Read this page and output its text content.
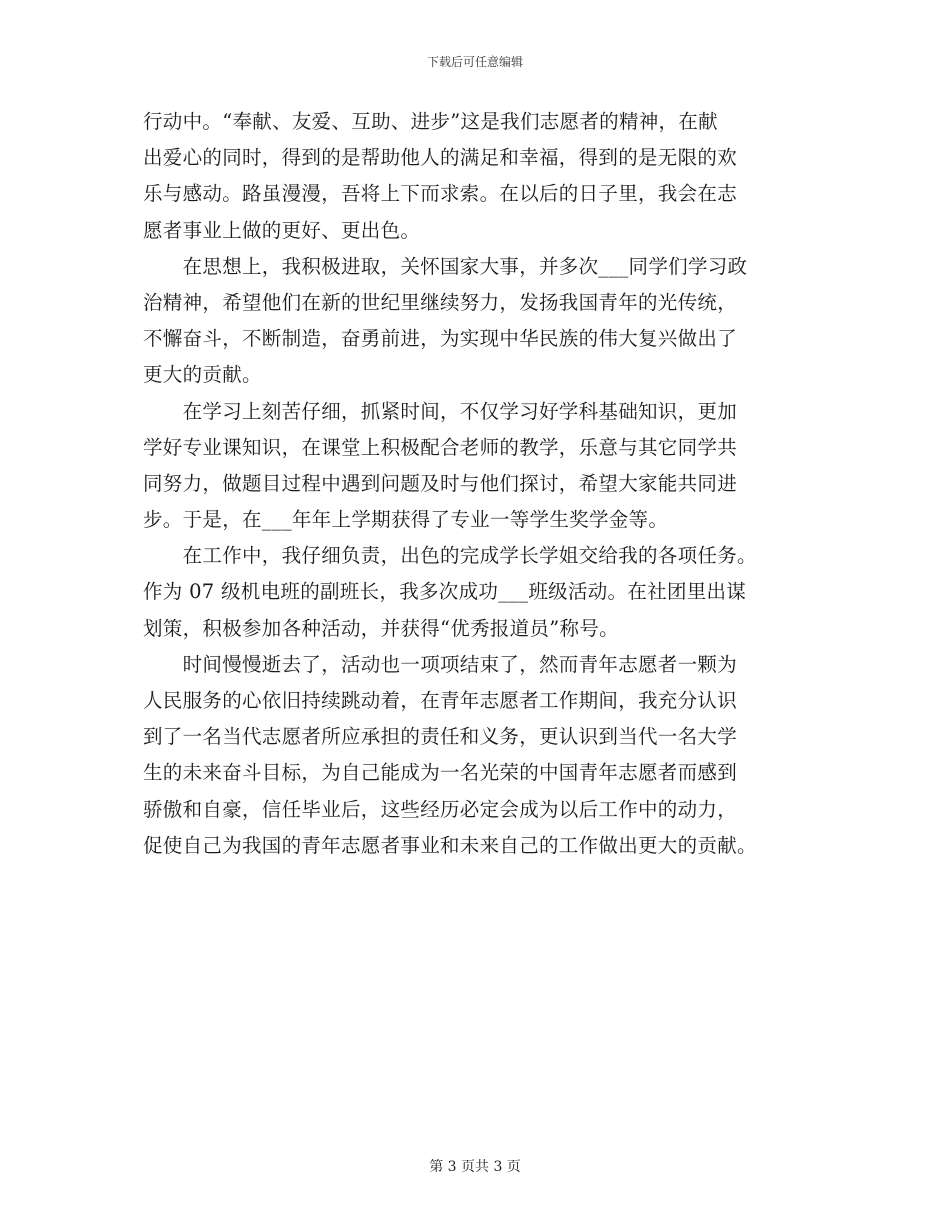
下载后可任意编辑
行动中。“奉献、友爱、互助、进步”这是我们志愿者的精神，在献
出爱心的同时，得到的是帮助他人的满足和幸福，得到的是无限的欢
乐与感动。路虽漫漫，吾将上下而求索。在以后的日子里，我会在志
愿者事业上做的更好、更出色。
　　在思想上，我积极进取，关怀国家大事，并多次___同学们学习政
治精神，希望他们在新的世纪里继续努力，发扬我国青年的光传统，
不懈奋斗，不断制造，奋勇前进，为实现中华民族的伟大复兴做出了
更大的贡献。
　　在学习上刻苦仔细，抓紧时间，不仅学习好学科基础知识，更加
学好专业课知识，在课堂上积极配合老师的教学，乐意与其它同学共
同努力，做题目过程中遇到问题及时与他们探讨，希望大家能共同进
步。于是，在___年年上学期获得了专业一等学生奖学金等。
　　在工作中，我仔细负责，出色的完成学长学姐交给我的各项任务。
作为 07 级机电班的副班长，我多次成功___班级活动。在社团里出谋
划策，积极参加各种活动，并获得“优秀报道员”称号。
　　时间慢慢逝去了，活动也一项项结束了，然而青年志愿者一颗为
人民服务的心依旧持续跳动着，在青年志愿者工作期间，我充分认识
到了一名当代志愿者所应承担的责任和义务，更认识到当代一名大学
生的未来奋斗目标，为自己能成为一名光荣的中国青年志愿者而感到
骄傲和自豪，信任毕业后，这些经历必定会成为以后工作中的动力，
促使自己为我国的青年志愿者事业和未来自己的工作做出更大的贡献。
第 3 页共 3 页
